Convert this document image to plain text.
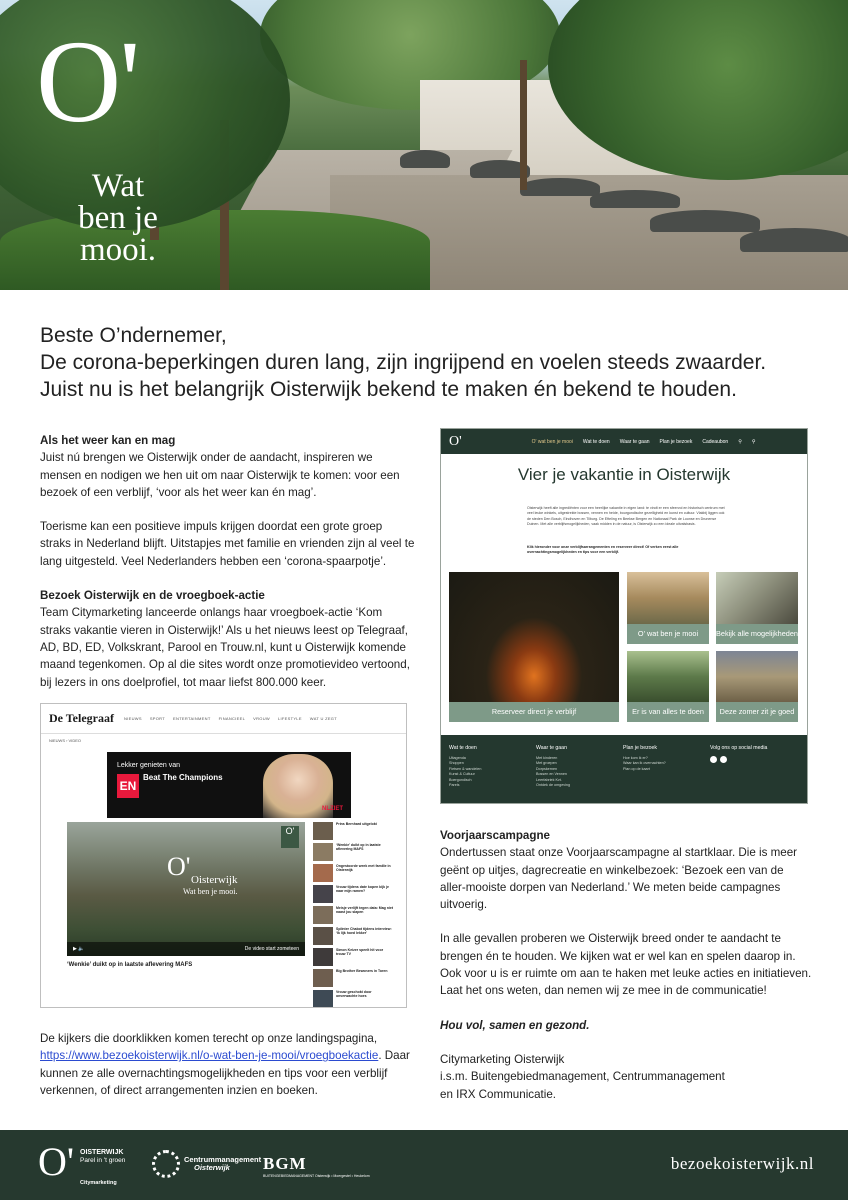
O'
Wat
ben je
mooi.
Beste O’ndernemer,
De corona-beperkingen duren lang, zijn ingrijpend en voelen steeds zwaarder.
Juist nu is het belangrijk Oisterwijk bekend te maken én bekend te houden.
Als het weer kan en mag

Juist nú brengen we Oisterwijk onder de aandacht, inspireren we mensen en nodigen we hen uit om naar Oisterwijk te komen: voor een bezoek of een verblijf, ‘voor als het weer kan én mag’.

Toerisme kan een positieve impuls krijgen doordat een grote groep straks in Nederland blijft. Uitstapjes met familie en vrienden zijn al veel te lang uitgesteld. Veel Nederlanders hebben een ‘corona-spaarpotje’.

Bezoek Oisterwijk en de vroegboek-actie

Team Citymarketing lanceerde onlangs haar vroegboek-actie ‘Kom straks vakantie vieren in Oisterwijk!’ Als u het nieuws leest op Telegraaf, AD, BD, ED, Volkskrant, Parool en Trouw.nl, kunt u Oisterwijk komende maand tegenkomen. Op al die sites wordt onze promotievideo vertoond, bij lezers in ons doelprofiel, tot maar liefst 800.000 keer.

De Telegraaf	NIEUWS SPORT ENTERTAINMENT FINANCIEEL VROUW LIFESTYLE WAT U ZEGT
NIEUWS › VIDEO
Lekker genieten van
EN
Beat The Champions
NLZIET
O' Oisterwijk
Wat ben je mooi.
O'
▶ 🔈	De video start zometeen
‘Wenkie’ duikt op in laatste aflevering MAFS
Prins Bernhard uitgelokt
‘Wenkie’ duikt op in laatste aflevering MAFS
Ongestoorde week met familie in Oisterwijk
Vrouw tijdens date kopen kijk je naar mijn ramen?
Meisje verlijft tegen data: Mag niet naast jou slapen
Splinter Chabot tijdens interview: ‘Ik lijk hoed lekker’
Simon Keizer speelt hit voor trouw TV
Big Brother Bewoners in Toren
Vrouw geschokt door onverwachte hoes

De kijkers die doorklikken komen terecht op onze landingspagina,
https://www.bezoekoisterwijk.nl/o-wat-ben-je-mooi/vroegboekactie. Daar kunnen ze alle overnachtingsmogelijkheden en tips voor een verblijf verkennen, of direct arrangementen inzien en boeken.

O'	O' wat ben je mooi Wat te doen Waar te gaan Plan je bezoek Cadeaubon ⚲ ⚲
Vier je vakantie in Oisterwijk
Oisterwijk heeft alle ingrediënten voor een heerlijke vakantie in eigen land: te vindt er een sfeervol en historisch centrum met veel leuke winkels, uitgestrekte bossen, vennen en heide, bourgondische gezelligheid en kunst en cultuur. Vlakbij liggen ook de steden Den Bosch, Eindhoven en Tilburg. De Efteling en Beekse Bergen en Nationaal Park de Loonse en Drunense Duinen. Met alle verblijfsmogelijkheden, vaak midden in de natuur, is Oisterwijk zo een ideale uitvalsbasis.
Klik hieronder voor onze verblijfsarrangementen en reserveer direct! Of verken eerst alle overnachtingsmogelijkheden en tips voor een verblijf.
Reserveer direct je verblijf
O' wat ben je mooi	Bekijk alle mogelijkheden
Er is van alles te doen	Deze zomer zit je goed
Wat te doen
Uitagenda
Shoppen
Fietsen & wandelen
Kunst & Cultuur
Boergondisch
Parels
Waar te gaan
Met kinderen
Met groepen
Dorpskernen
Bossen en Vennen
Leerfabriek Kvt.
Ontdek de omgeving
Plan je bezoek
Hoe kom ik er?
Waar kan ik overnachten?
Plan op de kaart
Volg ons op social media
Voorjaarscampagne

Ondertussen staat onze Voorjaarscampagne al startklaar. Die is meer geënt op uitjes, dagrecreatie en winkelbezoek: ‘Bezoek een van de aller-mooiste dorpen van Nederland.’ We meten beide campagnes uitvoerig.

In alle gevallen proberen we Oisterwijk breed onder te aandacht te brengen én te houden. We kijken wat er wel kan en spelen daarop in. Ook voor u is er ruimte om aan te haken met leuke acties en initiatieven. Laat het ons weten, dan nemen wij ze mee in de communicatie!

Hou vol, samen en gezond.

Citymarketing Oisterwijk
i.s.m. Buitengebiedmanagement, Centrummanagement
en IRX Communicatie.
O' OISTERWIJK
Parel in 't groen
Citymarketing
Centrummanagement
Oisterwijk	BGM
BUITENGEBIEDMANAGEMENT Oisterwijk • Moergestel • Heukelom
bezoekoisterwijk.nl
